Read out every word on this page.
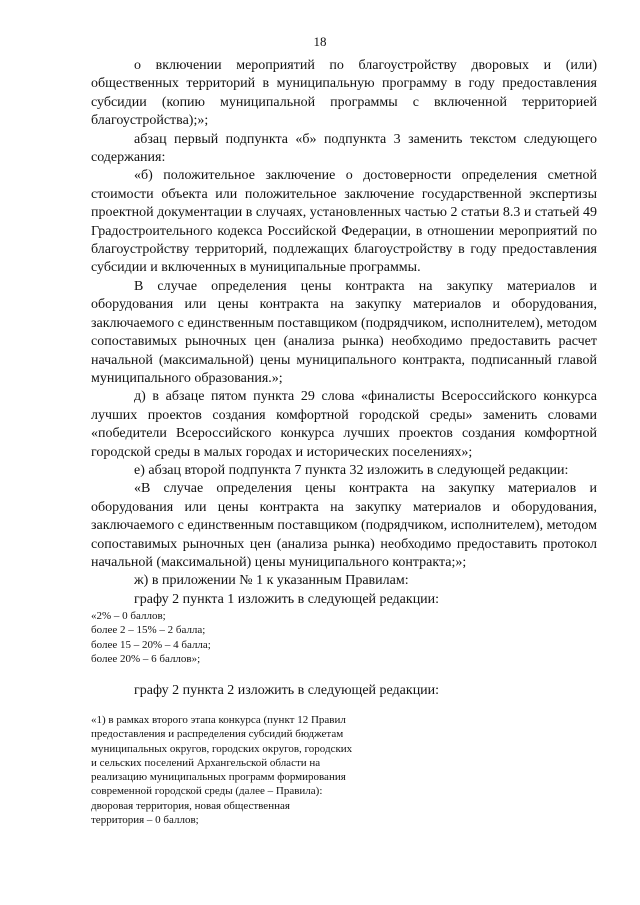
18

о включении мероприятий по благоустройству дворовых и (или) общественных территорий в муниципальную программу в году предоставления субсидии (копию муниципальной программы с включенной территорией благоустройства);»;

абзац первый подпункта «б» подпункта 3 заменить текстом следующего содержания:

«б) положительное заключение о достоверности определения сметной стоимости объекта или положительное заключение государственной экспертизы проектной документации в случаях, установленных частью 2 статьи 8.3 и статьей 49 Градостроительного кодекса Российской Федерации, в отношении мероприятий по благоустройству территорий, подлежащих благоустройству в году предоставления субсидии и включенных в муниципальные программы.

В случае определения цены контракта на закупку материалов и оборудования или цены контракта на закупку материалов и оборудования, заключаемого с единственным поставщиком (подрядчиком, исполнителем), методом сопоставимых рыночных цен (анализа рынка) необходимо предоставить расчет начальной (максимальной) цены муниципального контракта, подписанный главой муниципального образования.»;

д) в абзаце пятом пункта 29 слова «финалисты Всероссийского конкурса лучших проектов создания комфортной городской среды» заменить словами «победители Всероссийского конкурса лучших проектов создания комфортной городской среды в малых городах и исторических поселениях»;

е) абзац второй подпункта 7 пункта 32 изложить в следующей редакции:

«В случае определения цены контракта на закупку материалов и оборудования или цены контракта на закупку материалов и оборудования, заключаемого с единственным поставщиком (подрядчиком, исполнителем), методом сопоставимых рыночных цен (анализа рынка) необходимо предоставить протокол начальной (максимальной) цены муниципального контракта;»;

ж) в приложении № 1 к указанным Правилам:

графу 2 пункта 1 изложить в следующей редакции:

«2% – 0 баллов;
более 2 – 15% – 2 балла;
более 15 – 20% – 4 балла;
более 20% – 6 баллов»;
графу 2 пункта 2 изложить в следующей редакции:
«1) в рамках второго этапа конкурса (пункт 12 Правил
предоставления и распределения субсидий бюджетам
муниципальных округов, городских округов, городских
и сельских поселений Архангельской области на
реализацию муниципальных программ формирования
современной городской среды (далее – Правила):
дворовая территория, новая общественная
территория – 0 баллов;
